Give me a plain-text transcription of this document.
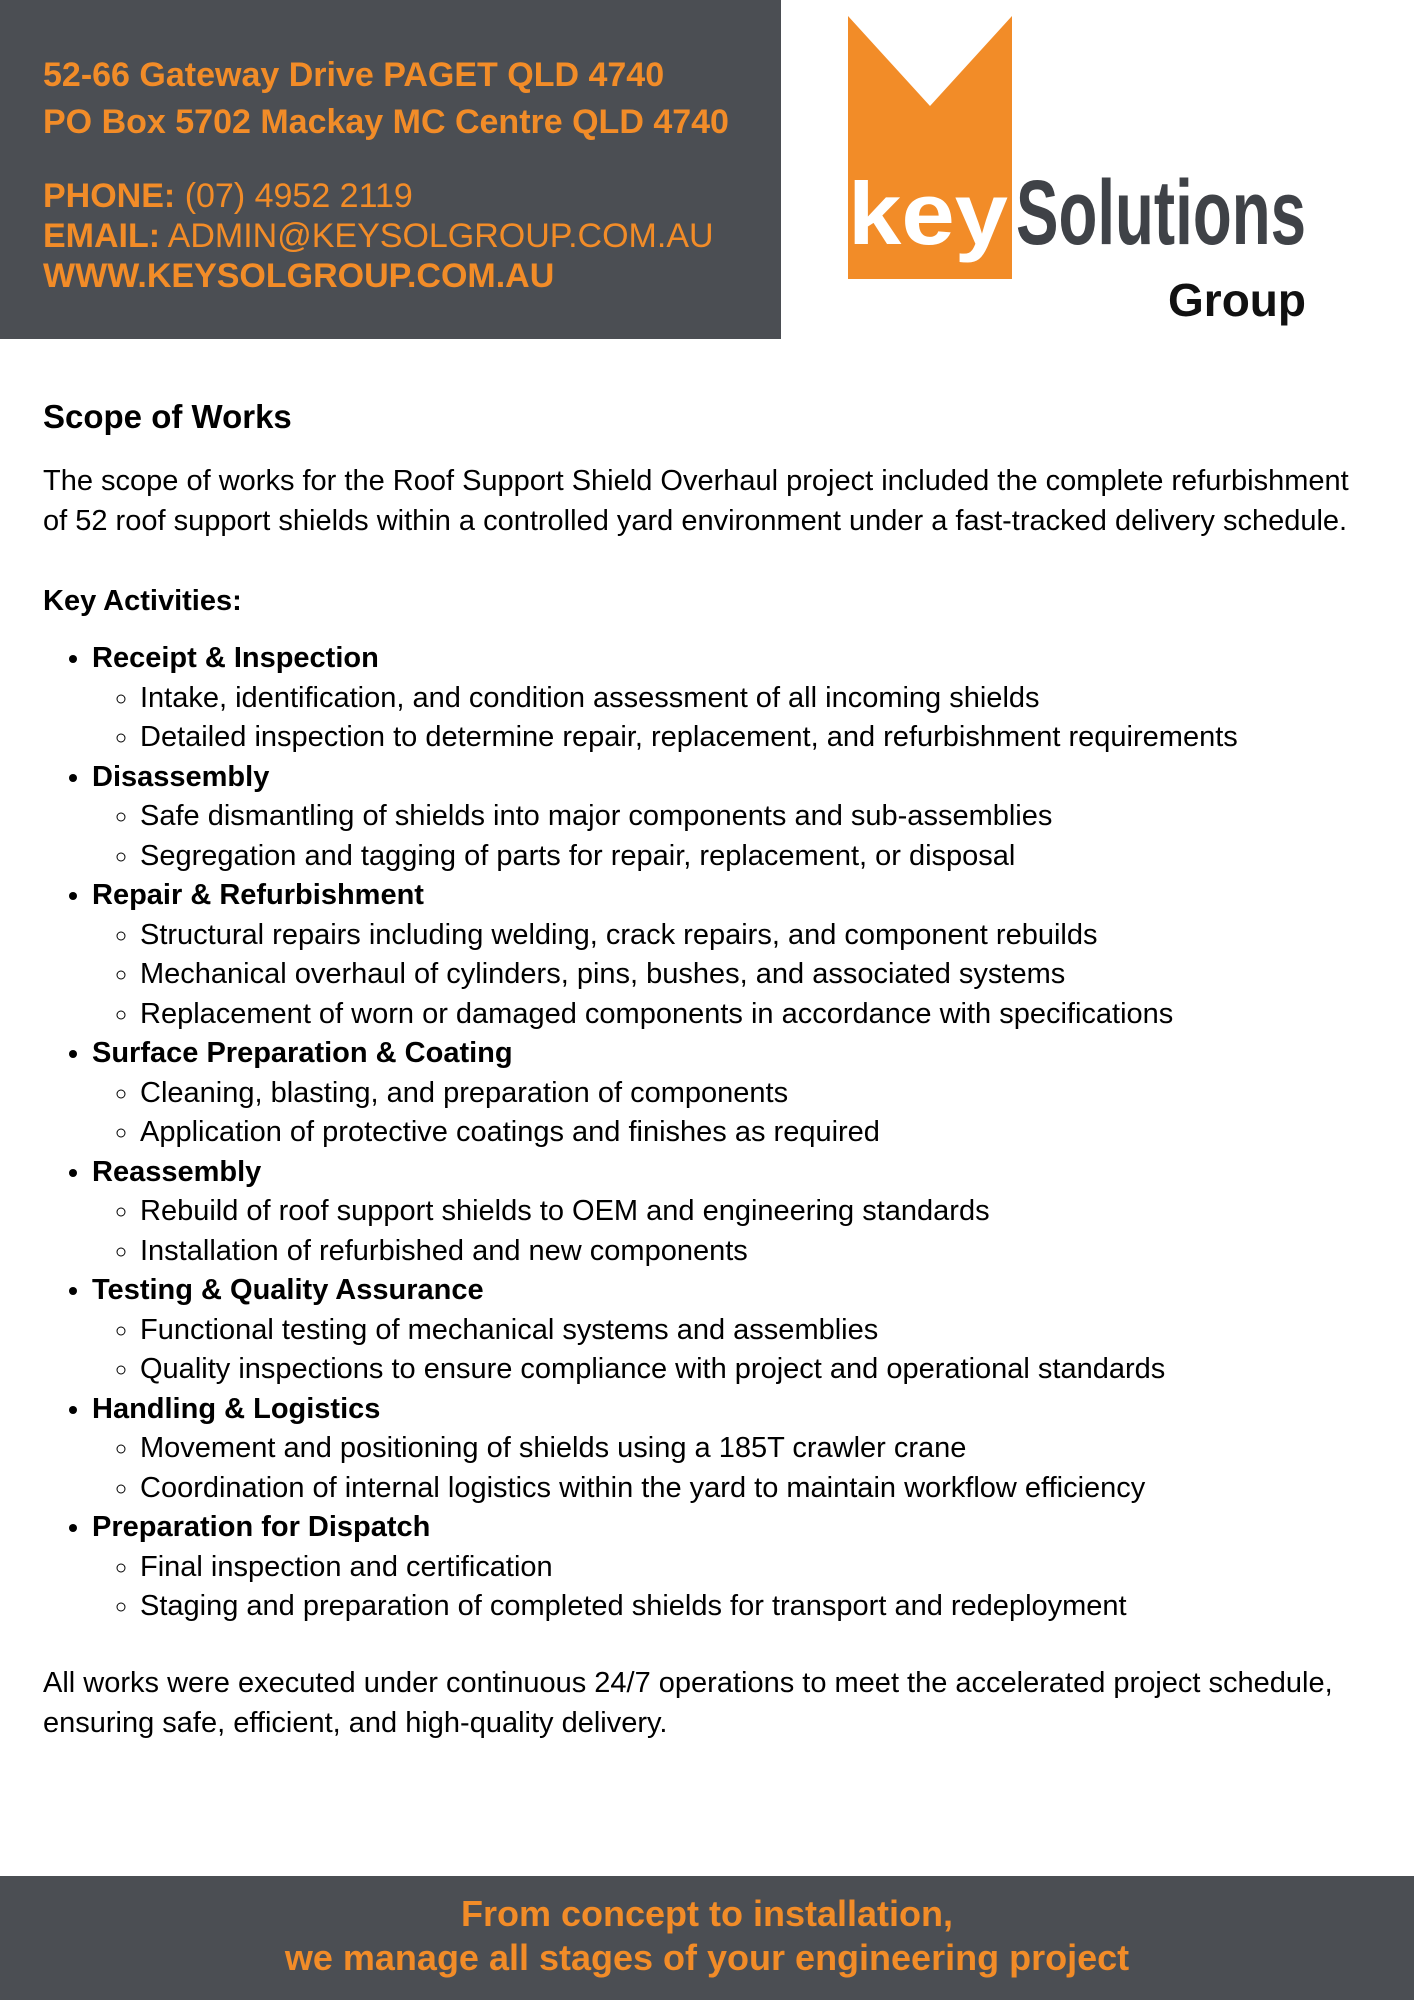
52-66 Gateway Drive PAGET QLD 4740

PO Box 5702 Mackay MC Centre QLD 4740

PHONE: (07) 4952 2119
EMAIL: ADMIN@KEYSOLGROUP.COM.AU
WWW.KEYSOLGROUP.COM.AU
key Solutions
Group
Scope of Works

The scope of works for the Roof Support Shield Overhaul project included the complete refurbishment of 52 roof support shields within a controlled yard environment under a fast-tracked delivery schedule.

Key Activities:
• Receipt & Inspection
◦ Intake, identification, and condition assessment of all incoming shields
◦ Detailed inspection to determine repair, replacement, and refurbishment requirements
• Disassembly
◦ Safe dismantling of shields into major components and sub-assemblies
◦ Segregation and tagging of parts for repair, replacement, or disposal
• Repair & Refurbishment
◦ Structural repairs including welding, crack repairs, and component rebuilds
◦ Mechanical overhaul of cylinders, pins, bushes, and associated systems
◦ Replacement of worn or damaged components in accordance with specifications
• Surface Preparation & Coating
◦ Cleaning, blasting, and preparation of components
◦ Application of protective coatings and finishes as required
• Reassembly
◦ Rebuild of roof support shields to OEM and engineering standards
◦ Installation of refurbished and new components
• Testing & Quality Assurance
◦ Functional testing of mechanical systems and assemblies
◦ Quality inspections to ensure compliance with project and operational standards
• Handling & Logistics
◦ Movement and positioning of shields using a 185T crawler crane
◦ Coordination of internal logistics within the yard to maintain workflow efficiency
• Preparation for Dispatch
◦ Final inspection and certification
◦ Staging and preparation of completed shields for transport and redeployment

All works were executed under continuous 24/7 operations to meet the accelerated project schedule, ensuring safe, efficient, and high-quality delivery.

From concept to installation,
we manage all stages of your engineering project
